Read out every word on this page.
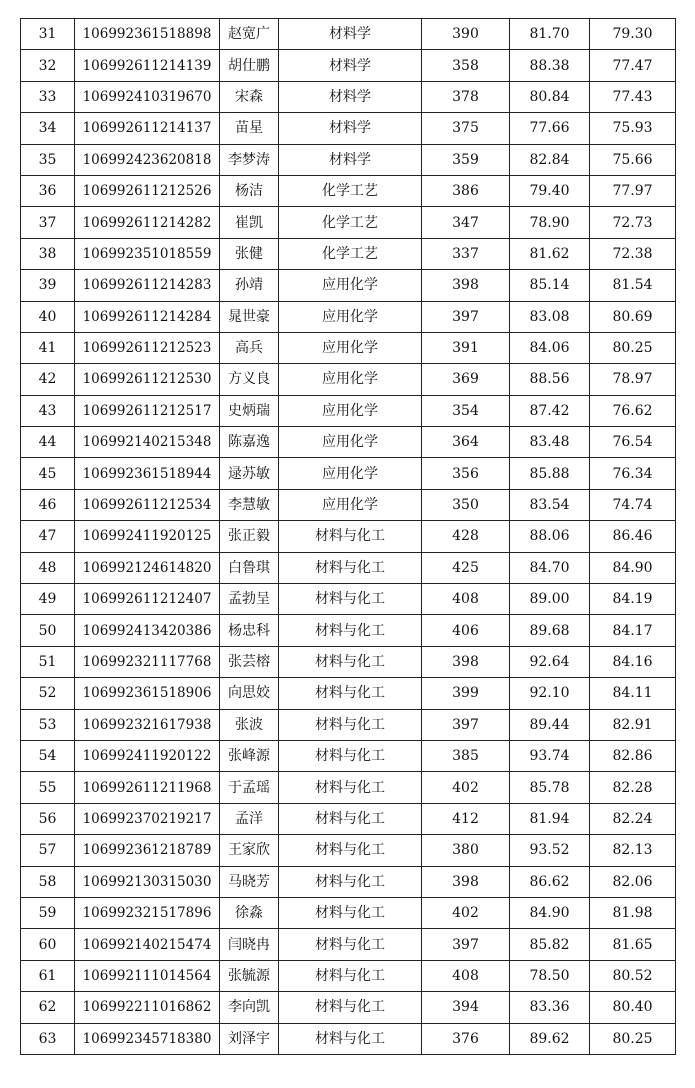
31	106992361518898	赵宽广	材料学	390	81.70	79.30
32	106992611214139	胡仕鹏	材料学	358	88.38	77.47
33	106992410319670	宋森	材料学	378	80.84	77.43
34	106992611214137	苗星	材料学	375	77.66	75.93
35	106992423620818	李梦涛	材料学	359	82.84	75.66
36	106992611212526	杨洁	化学工艺	386	79.40	77.97
37	106992611214282	崔凯	化学工艺	347	78.90	72.73
38	106992351018559	张健	化学工艺	337	81.62	72.38
39	106992611214283	孙靖	应用化学	398	85.14	81.54
40	106992611214284	晁世豪	应用化学	397	83.08	80.69
41	106992611212523	高兵	应用化学	391	84.06	80.25
42	106992611212530	方义良	应用化学	369	88.56	78.97
43	106992611212517	史炳瑞	应用化学	354	87.42	76.62
44	106992140215348	陈嘉逸	应用化学	364	83.48	76.54
45	106992361518944	逯苏敏	应用化学	356	85.88	76.34
46	106992611212534	李慧敏	应用化学	350	83.54	74.74
47	106992411920125	张正毅	材料与化工	428	88.06	86.46
48	106992124614820	白鲁琪	材料与化工	425	84.70	84.90
49	106992611212407	孟勃呈	材料与化工	408	89.00	84.19
50	106992413420386	杨忠科	材料与化工	406	89.68	84.17
51	106992321117768	张芸榕	材料与化工	398	92.64	84.16
52	106992361518906	向思姣	材料与化工	399	92.10	84.11
53	106992321617938	张波	材料与化工	397	89.44	82.91
54	106992411920122	张峰源	材料与化工	385	93.74	82.86
55	106992611211968	于孟瑶	材料与化工	402	85.78	82.28
56	106992370219217	孟洋	材料与化工	412	81.94	82.24
57	106992361218789	王家欣	材料与化工	380	93.52	82.13
58	106992130315030	马晓芳	材料与化工	398	86.62	82.06
59	106992321517896	徐淼	材料与化工	402	84.90	81.98
60	106992140215474	闫晓冉	材料与化工	397	85.82	81.65
61	106992111014564	张毓源	材料与化工	408	78.50	80.52
62	106992211016862	李向凯	材料与化工	394	83.36	80.40
63	106992345718380	刘泽宇	材料与化工	376	89.62	80.25
